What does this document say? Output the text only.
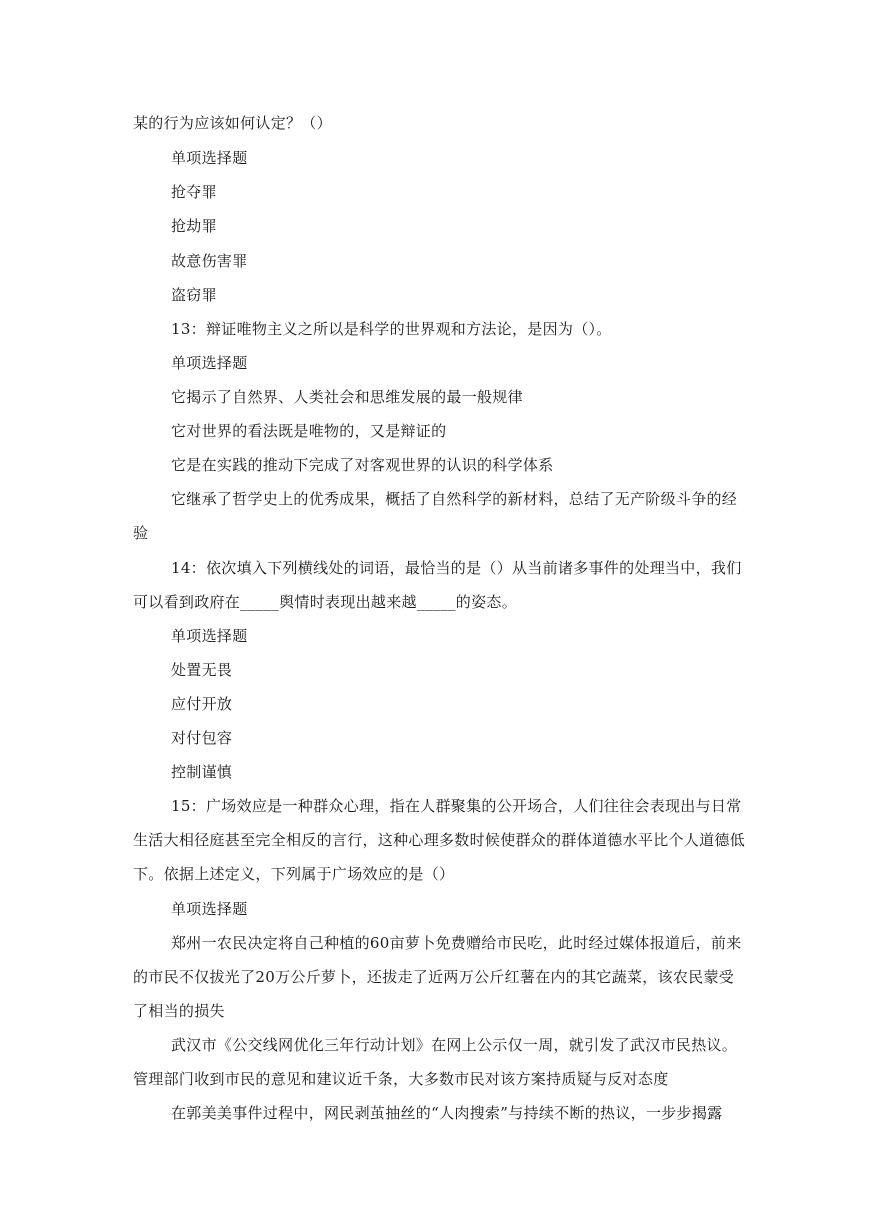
某的行为应该如何认定？（）
单项选择题
抢夺罪
抢劫罪
故意伤害罪
盗窃罪
13：辩证唯物主义之所以是科学的世界观和方法论，是因为（）。
单项选择题
它揭示了自然界、人类社会和思维发展的最一般规律
它对世界的看法既是唯物的，又是辩证的
它是在实践的推动下完成了对客观世界的认识的科学体系
它继承了哲学史上的优秀成果，概括了自然科学的新材料，总结了无产阶级斗争的经
验
14：依次填入下列横线处的词语，最恰当的是（）从当前诸多事件的处理当中，我们
可以看到政府在_____舆情时表现出越来越_____的姿态。
单项选择题
处置无畏
应付开放
对付包容
控制谨慎
15：广场效应是一种群众心理，指在人群聚集的公开场合，人们往往会表现出与日常
生活大相径庭甚至完全相反的言行，这种心理多数时候使群众的群体道德水平比个人道德低
下。依据上述定义，下列属于广场效应的是（）
单项选择题
郑州一农民决定将自己种植的60亩萝卜免费赠给市民吃，此时经过媒体报道后，前来
的市民不仅拔光了20万公斤萝卜，还拔走了近两万公斤红薯在内的其它蔬菜，该农民蒙受
了相当的损失
武汉市《公交线网优化三年行动计划》在网上公示仅一周，就引发了武汉市民热议。
管理部门收到市民的意见和建议近千条，大多数市民对该方案持质疑与反对态度
在郭美美事件过程中，网民剥茧抽丝的“人肉搜索”与持续不断的热议，一步步揭露
